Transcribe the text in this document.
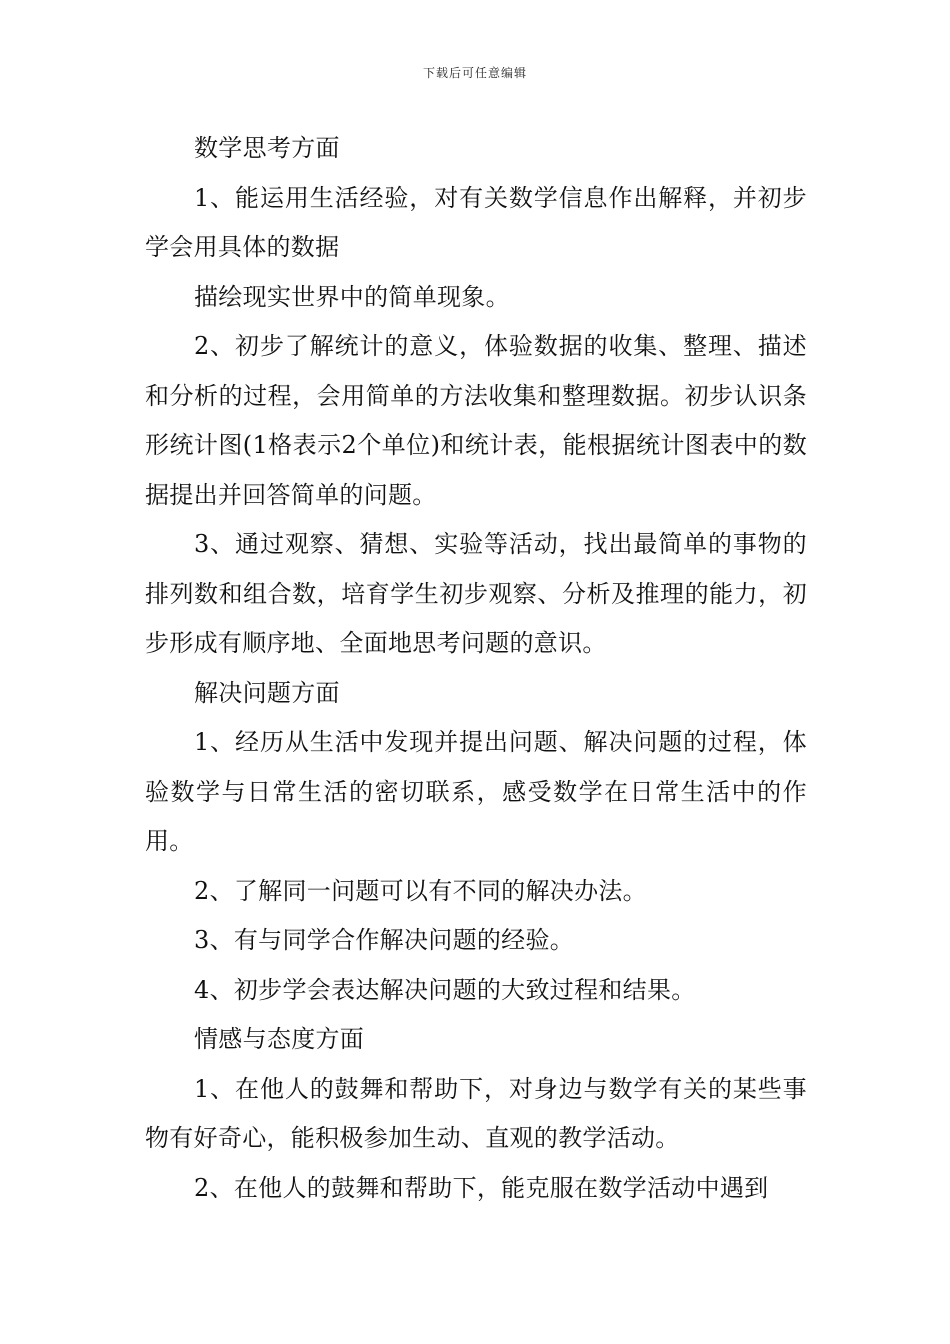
下载后可任意编辑

数学思考方面

1、能运用生活经验，对有关数学信息作出解释，并初步学会用具体的数据

描绘现实世界中的简单现象。

2、初步了解统计的意义，体验数据的收集、整理、描述和分析的过程，会用简单的方法收集和整理数据。初步认识条形统计图(1格表示2个单位)和统计表，能根据统计图表中的数据提出并回答简单的问题。

3、通过观察、猜想、实验等活动，找出最简单的事物的排列数和组合数，培育学生初步观察、分析及推理的能力，初步形成有顺序地、全面地思考问题的意识。

解决问题方面

1、经历从生活中发现并提出问题、解决问题的过程，体验数学与日常生活的密切联系，感受数学在日常生活中的作用。

2、了解同一问题可以有不同的解决办法。

3、有与同学合作解决问题的经验。

4、初步学会表达解决问题的大致过程和结果。

情感与态度方面

1、在他人的鼓舞和帮助下，对身边与数学有关的某些事物有好奇心，能积极参加生动、直观的教学活动。

2、在他人的鼓舞和帮助下，能克服在数学活动中遇到
